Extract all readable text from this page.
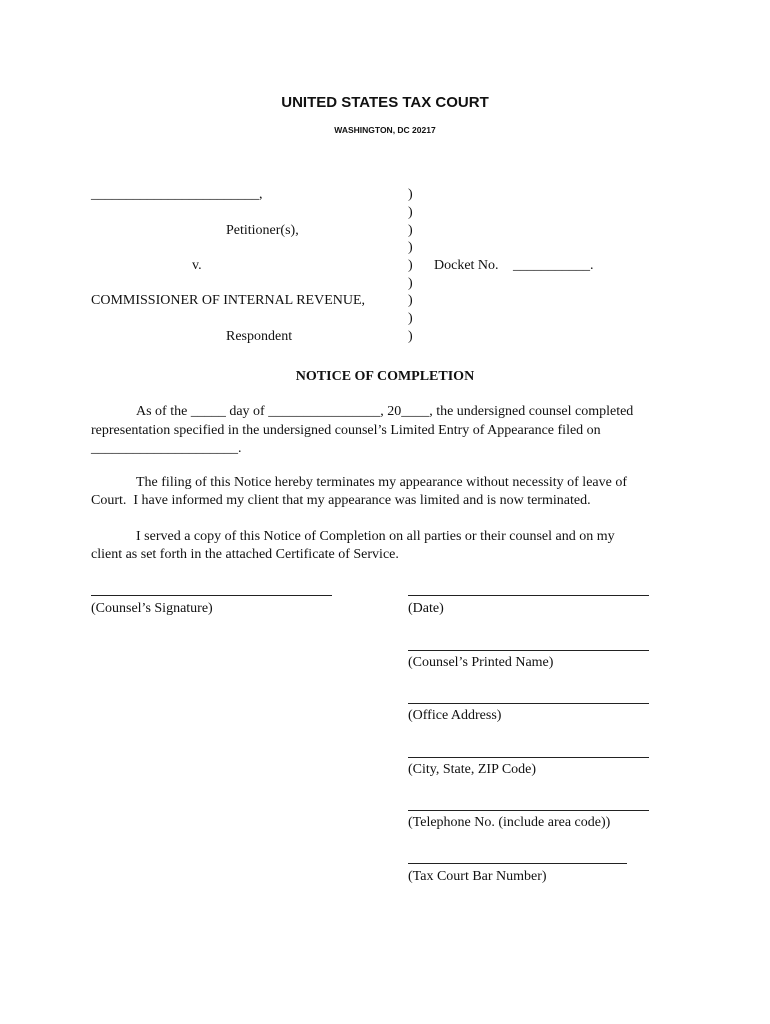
UNITED STATES TAX COURT
WASHINGTON, DC 20217
________________________,
Petitioner(s),
v.
COMMISSIONER OF INTERNAL REVENUE,
Respondent
)
)
)
)
)
)
)
)
)
Docket No. ___________.
NOTICE OF COMPLETION
As of the _____ day of ________________, 20____, the undersigned counsel completed
representation specified in the undersigned counsel’s Limited Entry of Appearance filed on
_____________________.
The filing of this Notice hereby terminates my appearance without necessity of leave of
Court.  I have informed my client that my appearance was limited and is now terminated.
I served a copy of this Notice of Completion on all parties or their counsel and on my
client as set forth in the attached Certificate of Service.
(Counsel’s Signature)	(Date)
(Counsel’s Printed Name)
(Office Address)
(City, State, ZIP Code)
(Telephone No. (include area code))
(Tax Court Bar Number)
